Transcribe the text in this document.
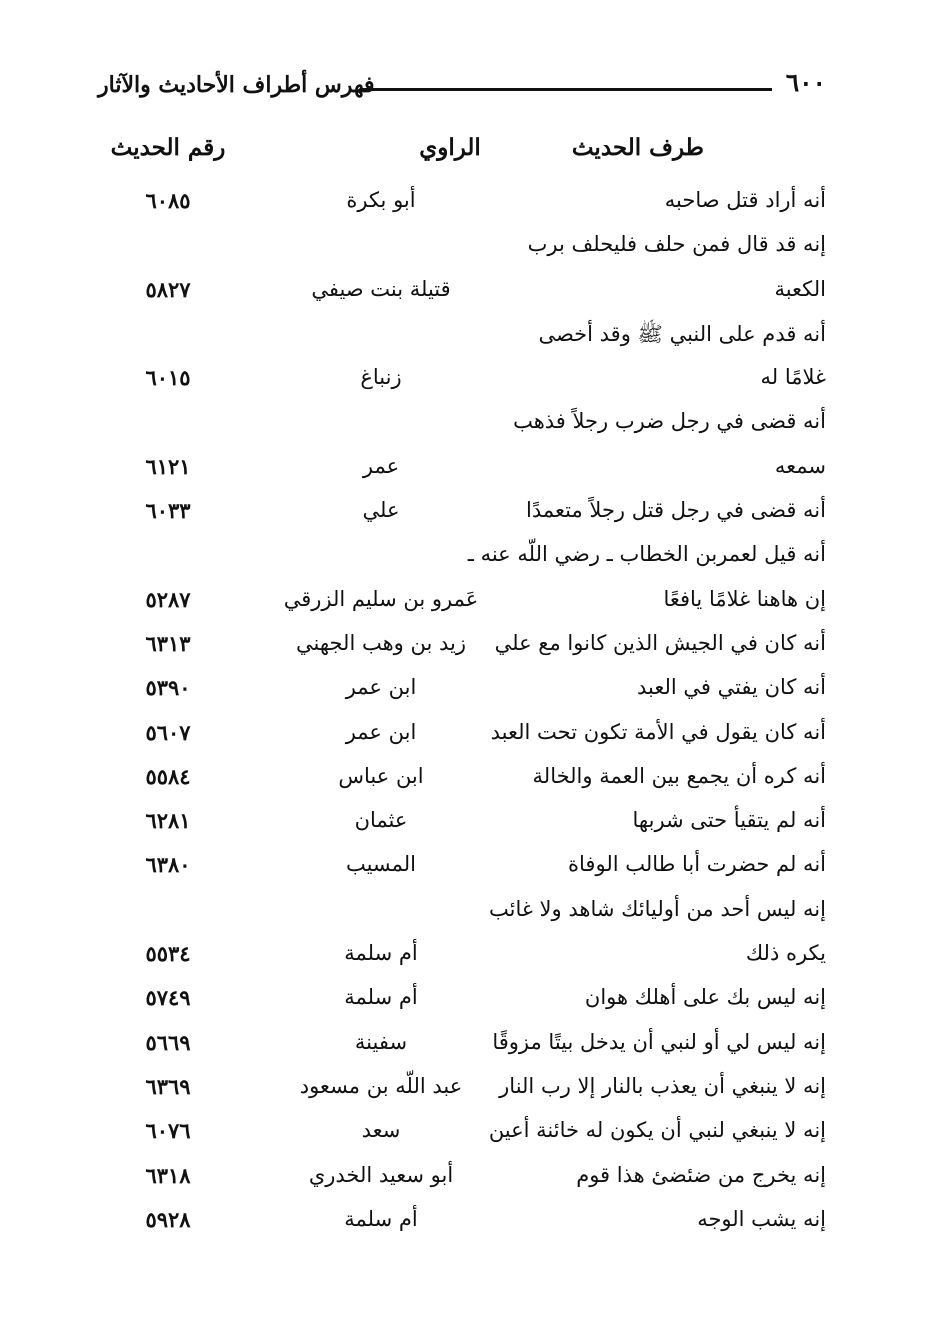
٦٠٠
فهرس أطراف الأحاديث والآثار
طرف الحديث
الراوي
رقم الحديث
أنه أراد قتل صاحبه
أبو بكرة
٦٠٨٥
إنه قد قال فمن حلف فليحلف برب
الكعبة
قتيلة بنت صيفي
٥٨٢٧
أنه قدم على النبي ﷺ وقد أخصى
غلامًا له
زنباغ
٦٠١٥
أنه قضى في رجل ضرب رجلاً فذهب
سمعه
عمر
٦١٢١
أنه قضى في رجل قتل رجلاً متعمدًا
علي
٦٠٣٣
أنه قيل لعمربن الخطاب ـ رضي اللّه عنه ـ
إن هاهنا غلامًا يافعًا
عَمرو بن سليم الزرقي
٥٢٨٧
أنه كان في الجيش الذين كانوا مع علي
زيد بن وهب الجهني
٦٣١٣
أنه كان يفتي في العبد
ابن عمر
٥٣٩٠
أنه كان يقول في الأمة تكون تحت العبد
ابن عمر
٥٦٠٧
أنه كره أن يجمع بين العمة والخالة
ابن عباس
٥٥٨٤
أنه لم يتقيأ حتى شربها
عثمان
٦٢٨١
أنه لم حضرت أبا طالب الوفاة
المسيب
٦٣٨٠
إنه ليس أحد من أوليائك شاهد ولا غائب
يكره ذلك
أم سلمة
٥٥٣٤
إنه ليس بك على أهلك هوان
أم سلمة
٥٧٤٩
إنه ليس لي أو لنبي أن يدخل بيتًا مزوقًا
سفينة
٥٦٦٩
إنه لا ينبغي أن يعذب بالنار إلا رب النار
عبد اللّه بن مسعود
٦٣٦٩
إنه لا ينبغي لنبي أن يكون له خائنة أعين
سعد
٦٠٧٦
إنه يخرج من ضئضئ هذا قوم
أبو سعيد الخدري
٦٣١٨
إنه يشب الوجه
أم سلمة
٥٩٢٨
